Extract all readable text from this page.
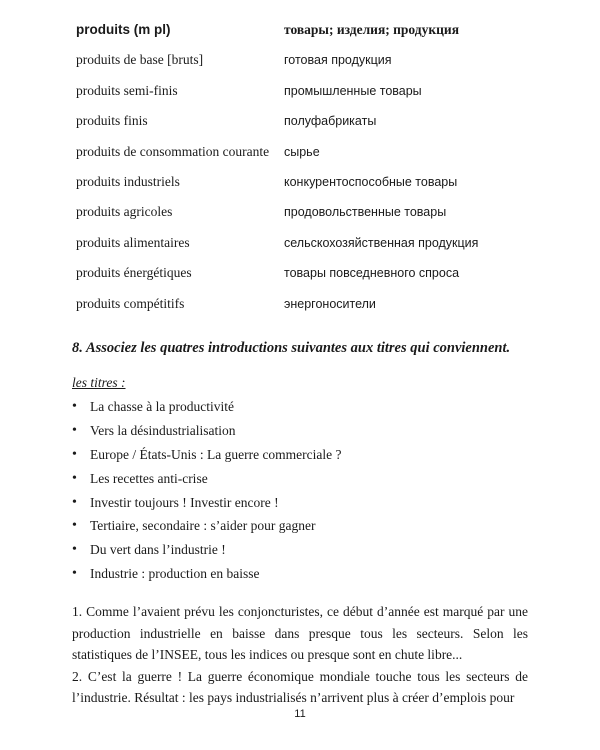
produits (m pl)	товары; изделия; продукция
produits de base [bruts]	готовая продукция
produits semi-finis	промышленные товары
produits finis	полуфабрикаты
produits de consommation courante сырье
produits industriels	конкурентоспособные товары
produits agricoles	продовольственные товары
produits alimentaires	сельскохозяйственная продукция
produits énergétiques	товары повседневного спроса
produits compétitifs	энергоносители
8. Associez les quatres introductions suivantes aux titres qui conviennent.
les titres :
• La chasse à la productivité
• Vers la désindustrialisation
• Europe / États-Unis : La guerre commerciale ?
• Les recettes anti-crise
• Investir toujours ! Investir encore !
• Tertiaire, secondaire : s’aider pour gagner
• Du vert dans l’industrie !
• Industrie : production en baisse

1. Comme l’avaient prévu les conjoncturistes, ce début d’année est marqué par une production industrielle en baisse dans presque tous les secteurs. Selon les statistiques de l’INSEE, tous les indices ou presque sont en chute libre...

2. C’est la guerre ! La guerre économique mondiale touche tous les secteurs de l’industrie. Résultat : les pays industrialisés n’arrivent plus à créer d’emplois pour

11
